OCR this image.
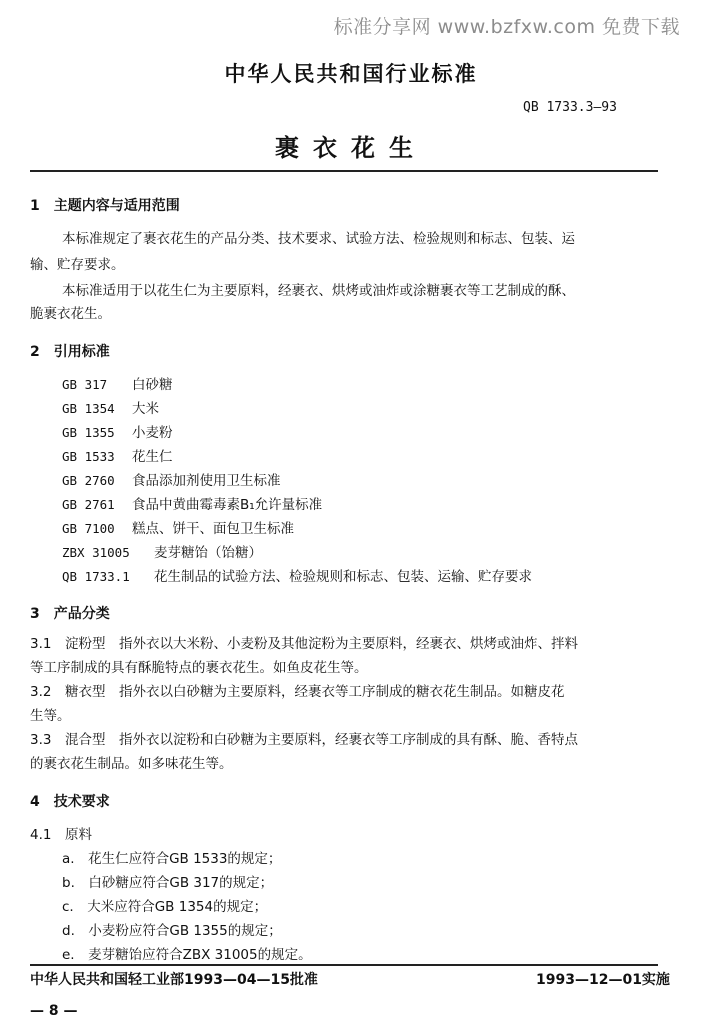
标准分享网 www.bzfxw.com 免费下载
中华人民共和国行业标准
QB 1733.3—93
裹衣花生
1　主题内容与适用范围
本标准规定了裹衣花生的产品分类、技术要求、试验方法、检验规则和标志、包装、运
输、贮存要求。
本标准适用于以花生仁为主要原料，经裹衣、烘烤或油炸或涂糖裹衣等工艺制成的酥、
脆裹衣花生。
2　引用标准
GB 317 白砂糖
GB 1354 大米
GB 1355 小麦粉
GB 1533 花生仁
GB 2760 食品添加剂使用卫生标准
GB 2761 食品中黄曲霉毒素B₁允许量标准
GB 7100 糕点、饼干、面包卫生标准
ZBX 31005 麦芽糖饴（饴糖）
QB 1733.1 花生制品的试验方法、检验规则和标志、包装、运输、贮存要求
3　产品分类
3.1　淀粉型　指外衣以大米粉、小麦粉及其他淀粉为主要原料，经裹衣、烘烤或油炸、拌料
等工序制成的具有酥脆特点的裹衣花生。如鱼皮花生等。
3.2　糖衣型　指外衣以白砂糖为主要原料，经裹衣等工序制成的糖衣花生制品。如糖皮花
生等。
3.3　混合型　指外衣以淀粉和白砂糖为主要原料，经裹衣等工序制成的具有酥、脆、香特点
的裹衣花生制品。如多味花生等。
4　技术要求
4.1　原料
a.　花生仁应符合GB 1533的规定；
b.　白砂糖应符合GB 317的规定；
c.　大米应符合GB 1354的规定；
d.　小麦粉应符合GB 1355的规定；
e.　麦芽糖饴应符合ZBX 31005的规定。
中华人民共和国轻工业部1993—04—15批准	1993—12—01实施
— 8 —
